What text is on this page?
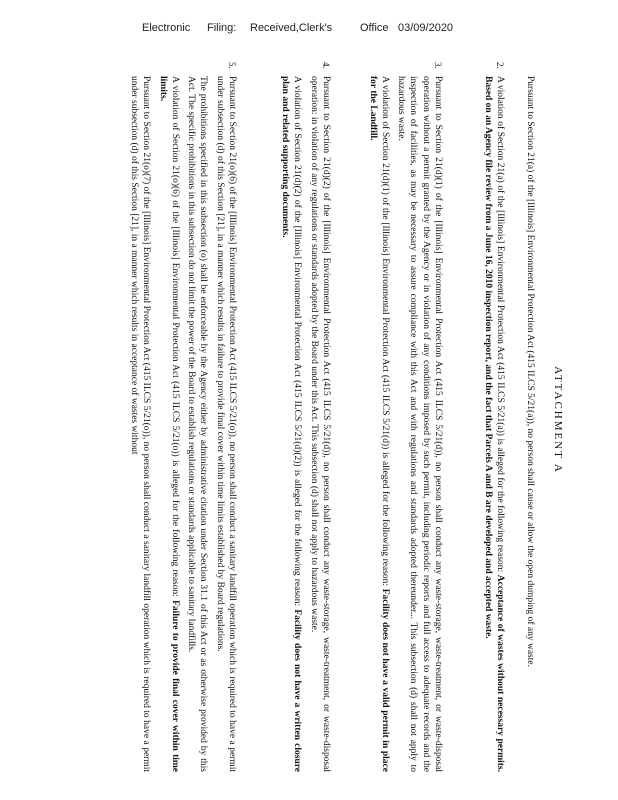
Electronic Filing: Received,Clerk's	Office 03/09/2020
ATTACHMENT A

Pursuant to Section 21(a) of the [Illinois] Environmental Protection Act (415 ILCS 5/21(a)), no person shall cause or allow the open dumping of any waste.

2.

A violation of Section 21(a) of the [Illinois] Environmental Protection Act (415 ILCS 5/21(a)) is alleged for the following reason: Acceptance of wastes without necessary permits. Based on an Agency file review from a June 16, 2010 inspection report, and the fact that Parcels A and B are developed and accepted waste.

3.

Pursuant to Section 21(d)(1) of the [Illinois] Environmental Protection Act (415 ILCS 5/21(d)), no person shall conduct any waste-storage, waste-treatment, or waste-disposal operation without a permit granted by the Agency or in violation of any conditions imposed by such permit, including periodic reports and full access to adequate records and the inspection of facilities, as may be necessary to assure compliance with this Act and with regulations and standards adopted thereunder... This subsection (d) shall not apply to hazardous waste.

A violation of Section 21(d)(1) of the [Illinois] Environmental Protection Act (415 ILCS 5/21(d)) is alleged for the following reason: Facility does not have a valid permit in place for the Landfill.

4.

Pursuant to Section 21(d)(2) of the [Illinois] Environmental Protection Act (415 ILCS 5/21(d)), no person shall conduct any waste-storage, waste-treatment, or waste-disposal operation: in violation of any regulations or standards adopted by the Board under this Act. This subsection (d) shall not apply to hazardous waste.

A violation of Section 21(d)(2) of the [Illinois] Environmental Protection Act (415 ILCS 5/21(d)(2)) is alleged for the following reason: Facility does not have a written closure plan and related supporting documents.

5.

Pursuant to Section 21(o)(6) of the [Illinois] Environmental Protection Act (415 ILCS 5/21(o)), no person shall conduct a sanitary landfill operation which is required to have a permit under subsection (d) of this Section [21], in a manner which results in failure to provide final cover within time limits established by Board regulations.

The prohibitions specified in this subsection (o) shall be enforceable by the Agency either by administrative citation under Section 31.1 of this Act or as otherwise provided by this Act. The specific prohibitions in this subsection do not limit the power of the Board to establish regulations or standards applicable to sanitary landfills.

A violation of Section 21(o)(6) of the [Illinois] Environmental Protection Act (415 ILCS 5/21(o)) is alleged for the following reason: Failure to provide final cover within time limits.

Pursuant to Section 21(o)(7) of the [Illinois] Environmental Protection Act (415 ILCS 5/21(o)), no person shall conduct a sanitary landfill operation which is required to have a permit under subsection (d) of this Section [21], in a manner which results in acceptance of wastes without
